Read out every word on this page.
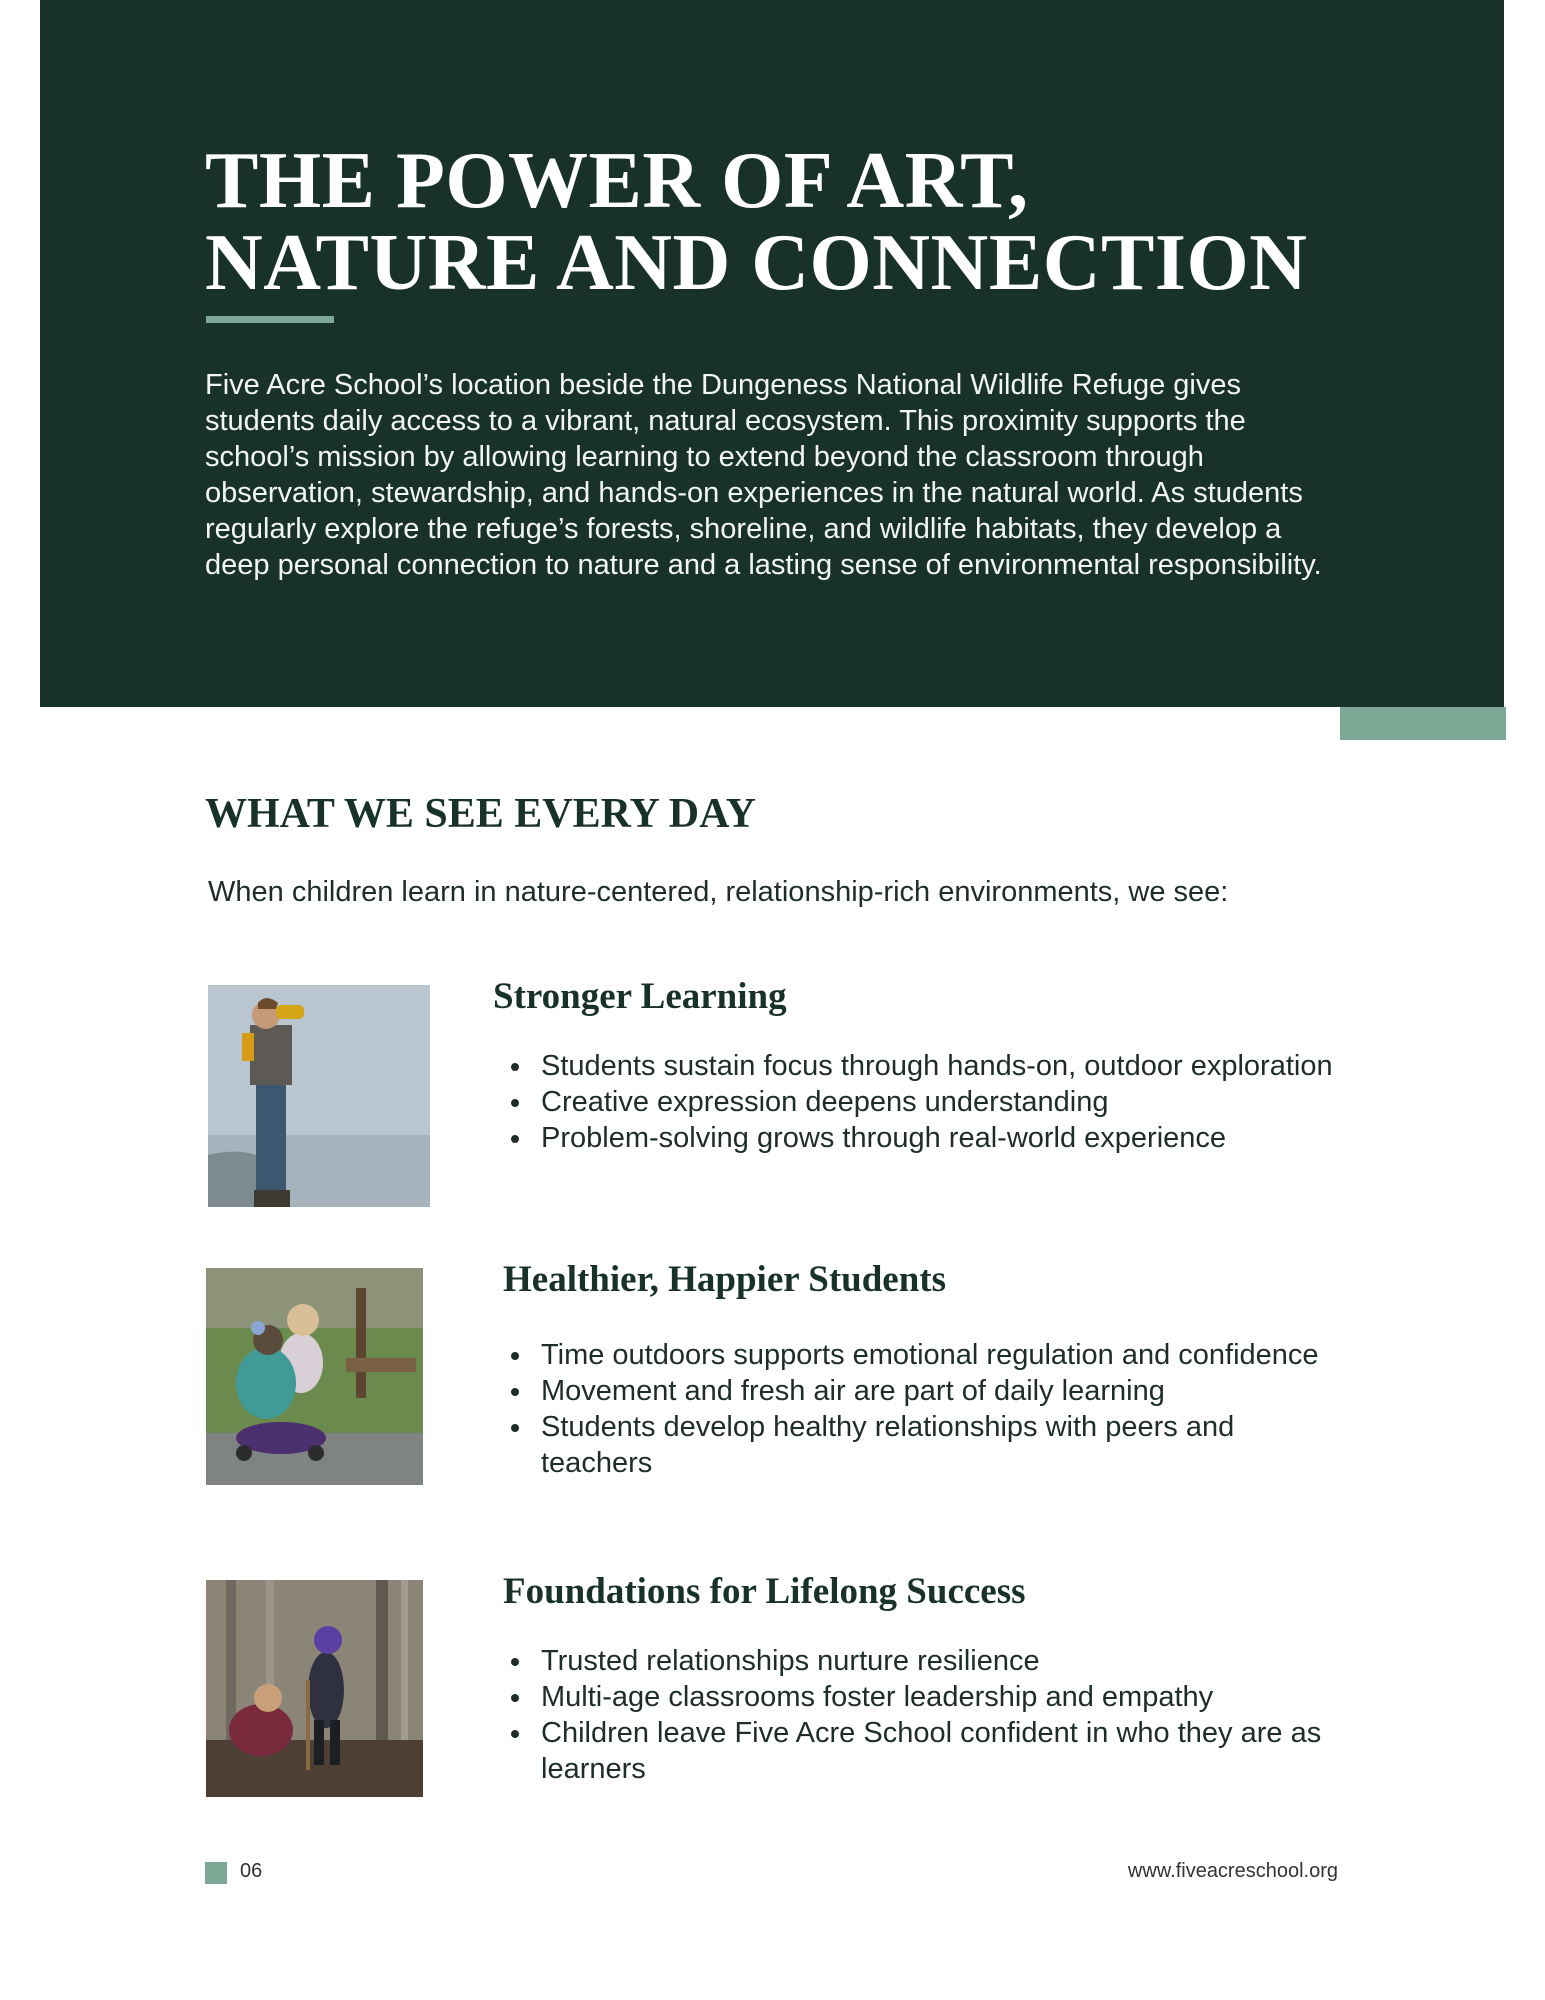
THE POWER OF ART,
NATURE AND CONNECTION

Five Acre School’s location beside the Dungeness National Wildlife Refuge gives students daily access to a vibrant, natural ecosystem. This proximity supports the school’s mission by allowing learning to extend beyond the classroom through observation, stewardship, and hands-on experiences in the natural world. As students regularly explore the refuge’s forests, shoreline, and wildlife habitats, they develop a deep personal connection to nature and a lasting sense of environmental responsibility.

WHAT WE SEE EVERY DAY

When children learn in nature-centered, relationship-rich environments, we see:

Stronger Learning
Students sustain focus through hands-on, outdoor exploration
Creative expression deepens understanding
Problem-solving grows through real-world experience
Healthier, Happier Students
Time outdoors supports emotional regulation and confidence
Movement and fresh air are part of daily learning
Students develop healthy relationships with peers and teachers
Foundations for Lifelong Success
Trusted relationships nurture resilience
Multi-age classrooms foster leadership and empathy
Children leave Five Acre School confident in who they are as learners
06	www.fiveacreschool.org
